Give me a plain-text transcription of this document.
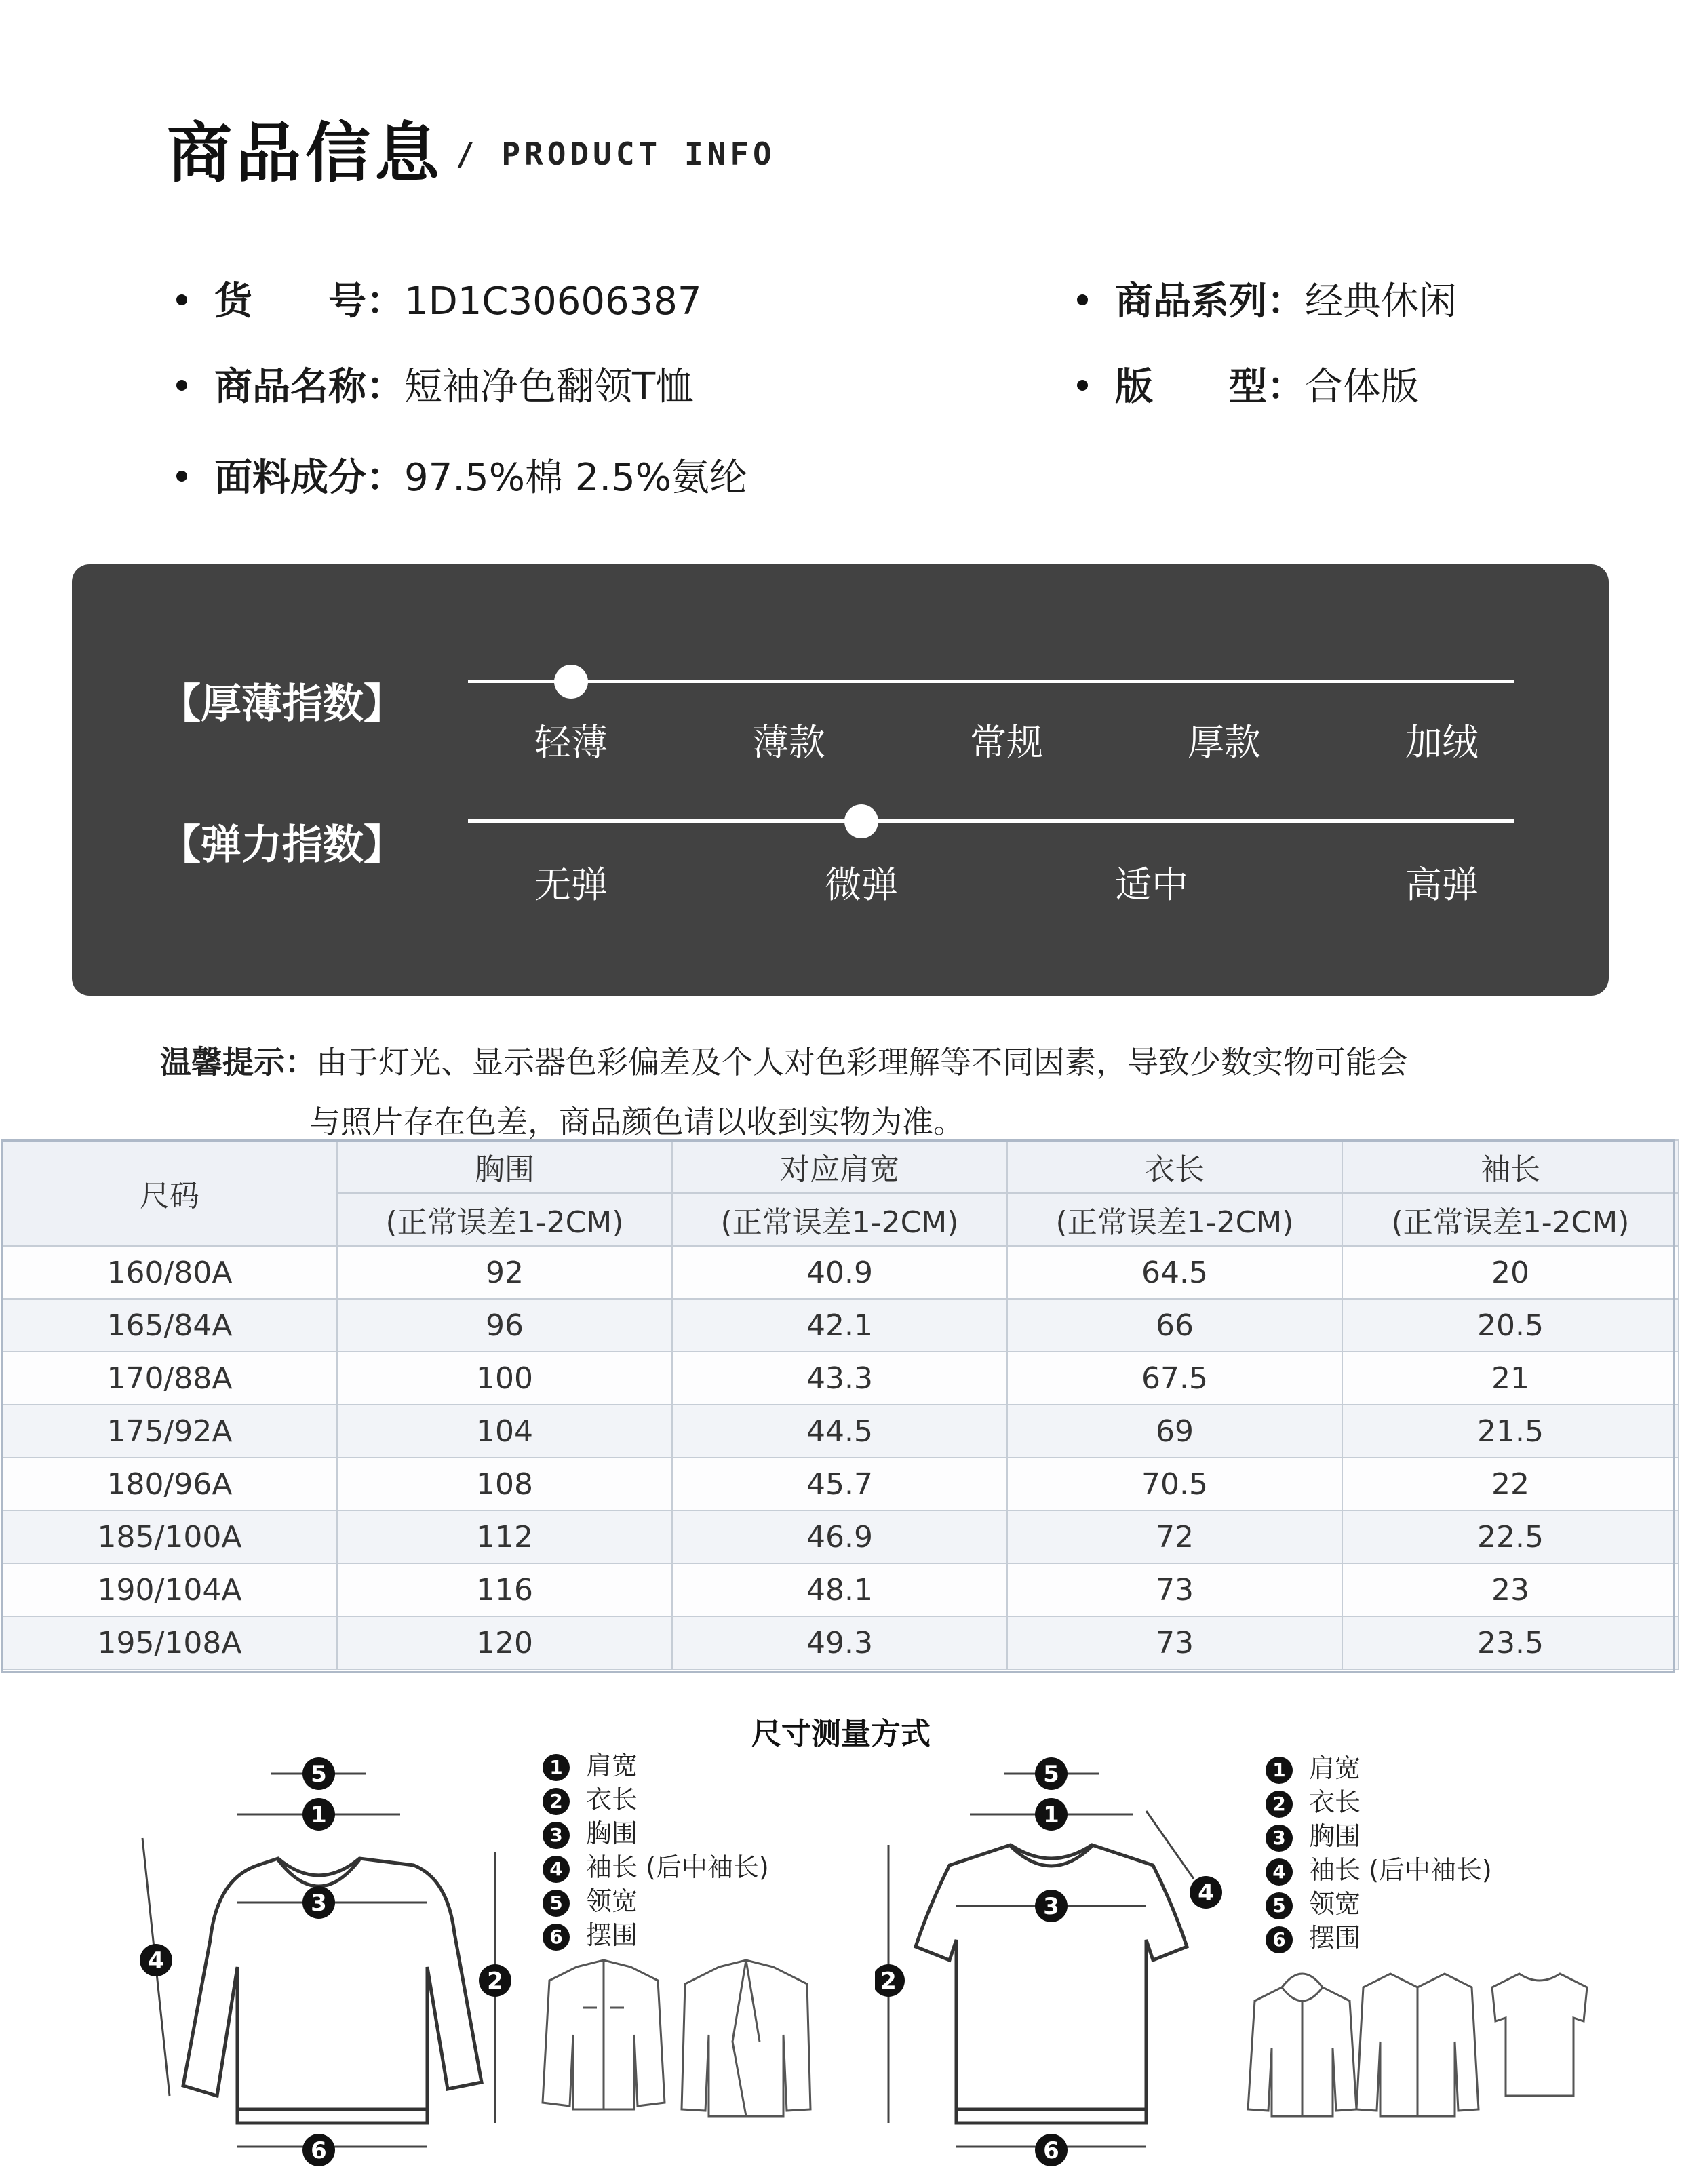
商品信息 / PRODUCT INFO
货　　号：1D1C30606387
商品名称：短袖净色翻领T恤
面料成分：97.5%棉 2.5%氨纶
商品系列：经典休闲
版　　型：合体版
【厚薄指数】
轻薄	薄款	常规	厚款	加绒
【弹力指数】
无弹	微弹	适中	高弹
温馨提示：由于灯光、显示器色彩偏差及个人对色彩理解等不同因素，导致少数实物可能会
与照片存在色差，商品颜色请以收到实物为准。
尺码	胸围	对应肩宽	衣长	袖长
	(正常误差1-2CM)	(正常误差1-2CM)	(正常误差1-2CM)	(正常误差1-2CM)
160/80A	92	40.9	64.5	20
165/84A	96	42.1	66	20.5
170/88A	100	43.3	67.5	21
175/92A	104	44.5	69	21.5
180/96A	108	45.7	70.5	22
185/100A	112	46.9	72	22.5
190/104A	116	48.1	73	23
195/108A	120	49.3	73	23.5
尺寸测量方式
1 肩宽
2 衣长
3 胸围
4 袖长 (后中袖长)
5 领宽
6 摆围
1 肩宽
2 衣长
3 胸围
4 袖长 (后中袖长)
5 领宽
6 摆围
5
1
3
2
4
6
5
1
3
2
4
6
